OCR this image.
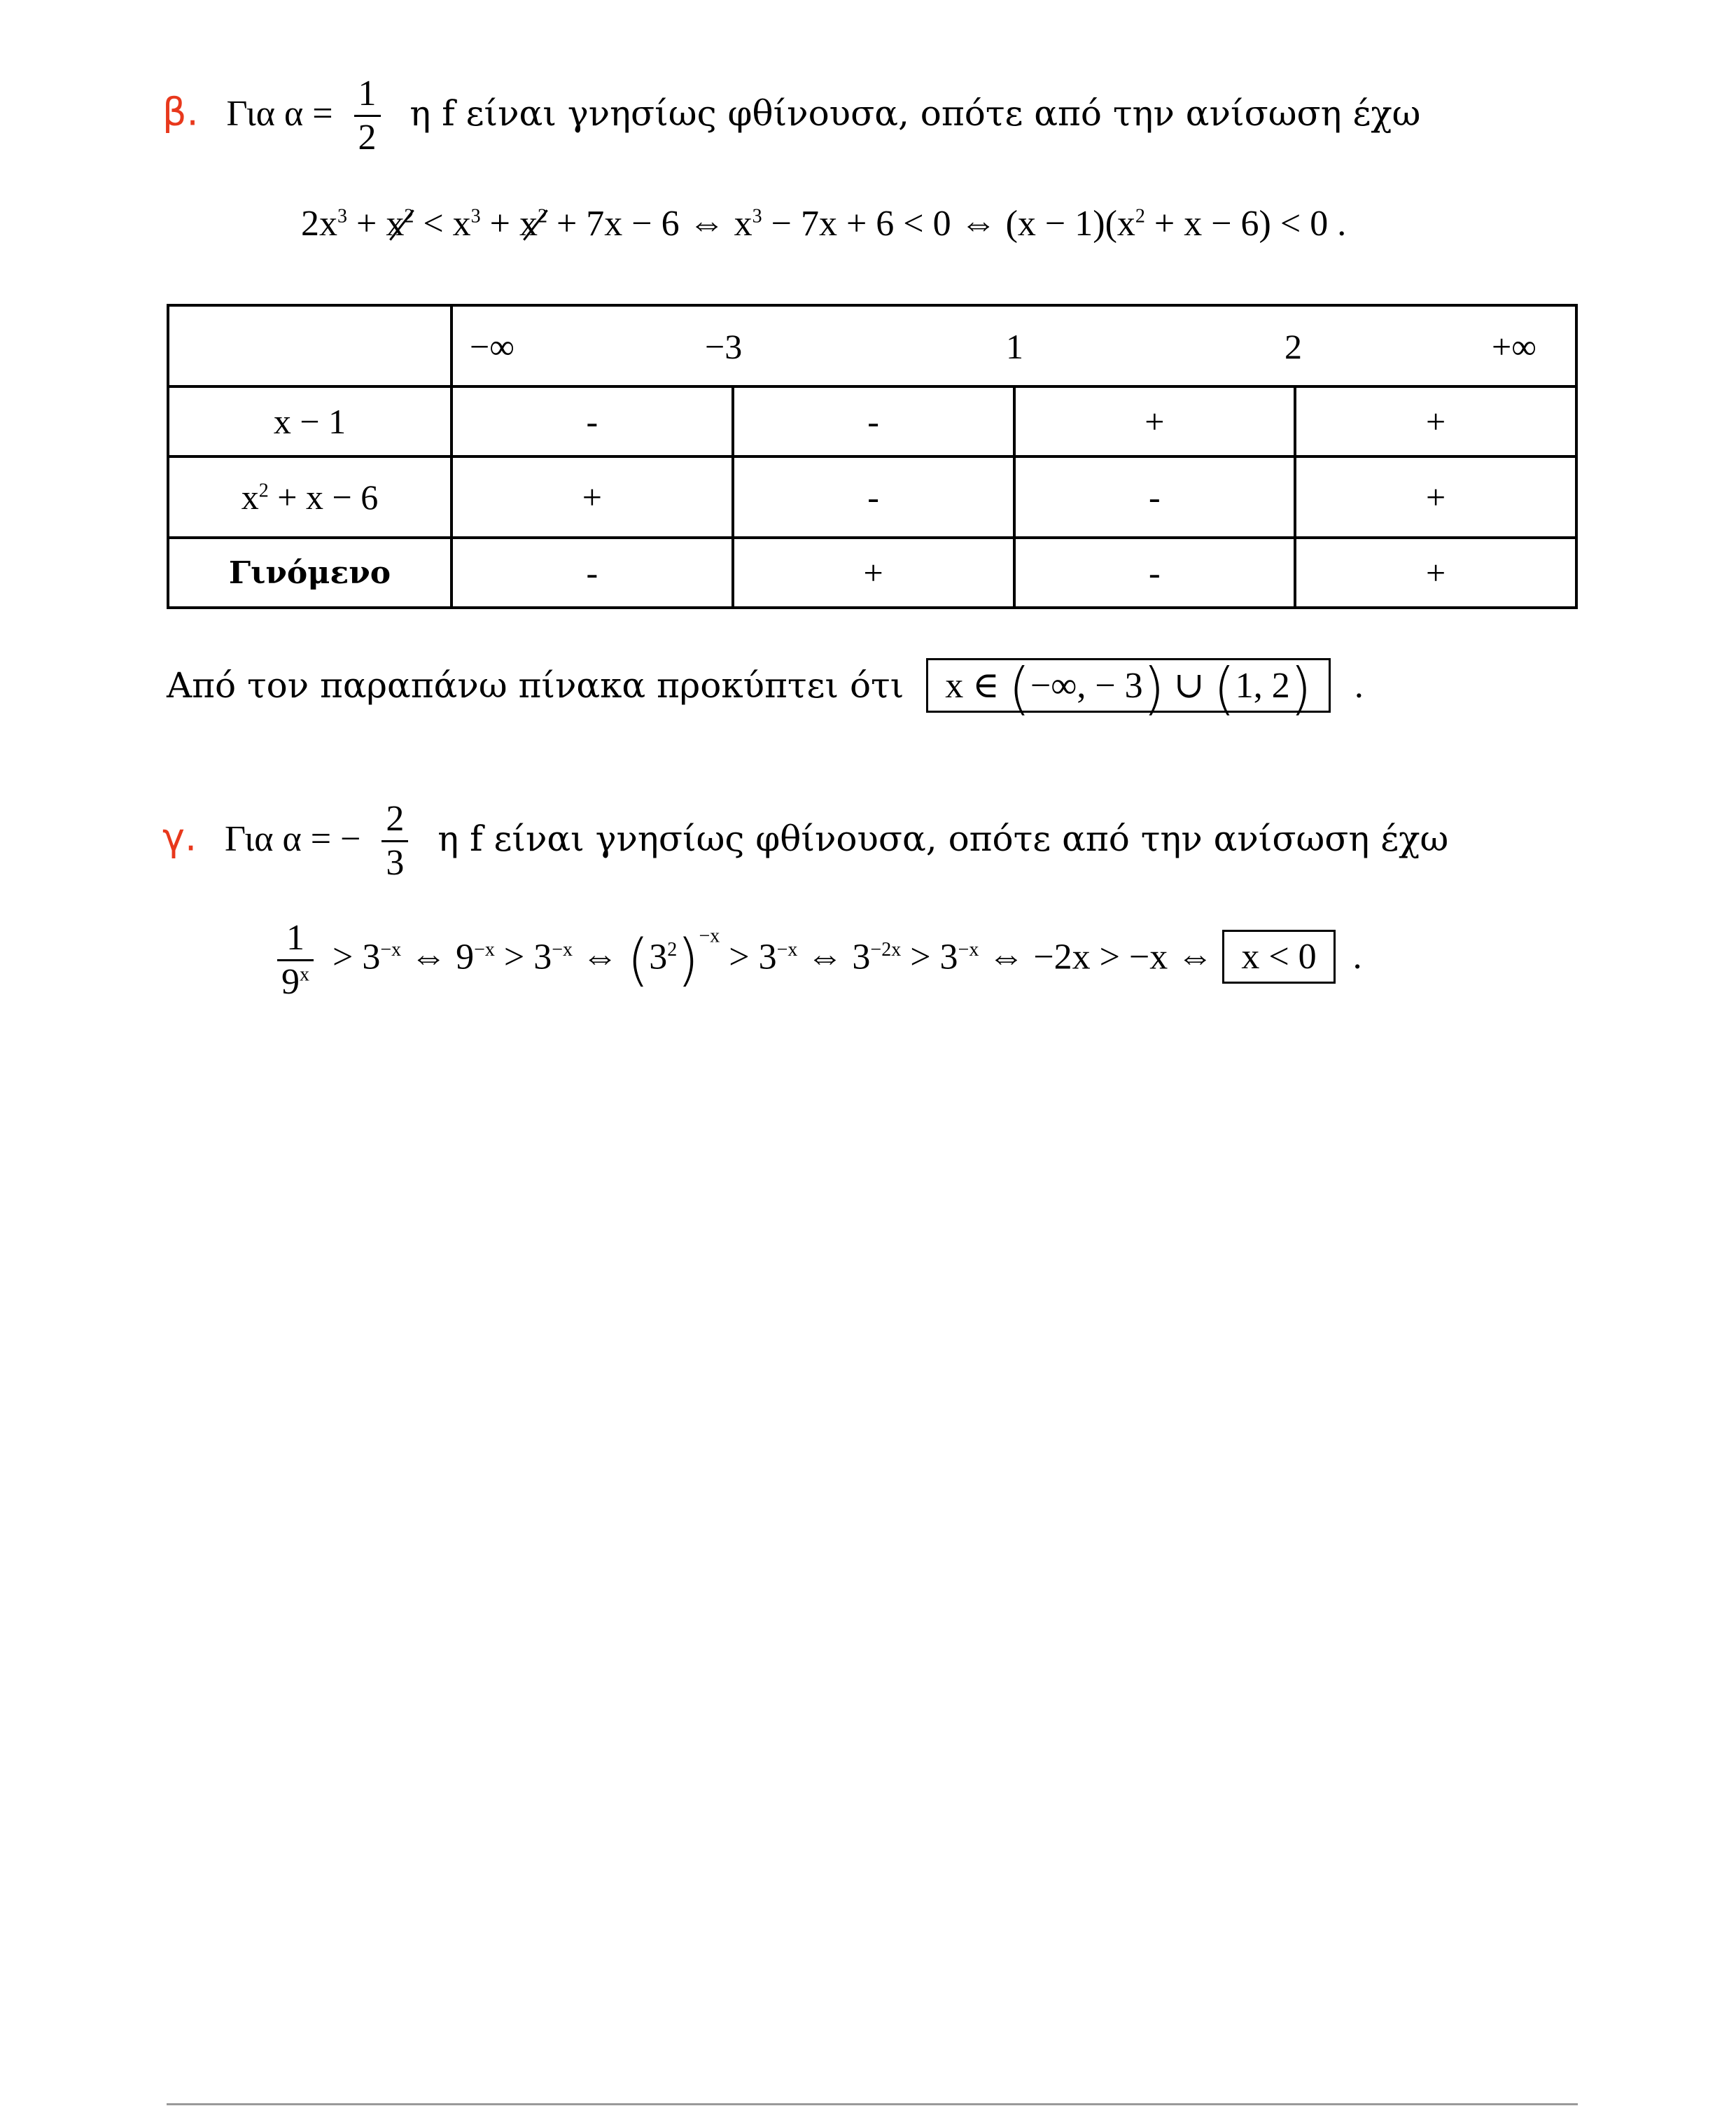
β. Για $\alpha = \frac{1}{2}$ η f είναι γνησίως φθίνουσα, οπότε από την ανίσωση έχω
$2x^3 + x^2 < x^3 + x^2 + 7x - 6$ ⇔ $x^3 - 7x + 6 < 0$ ⇔ $(x - 1)(x^2 + x - 6) < 0$ .

	−∞ −3 1 2 +∞			

x − 1	-	-	+	+
$x^2 + x - 6$	+	-	-	+
Γινόμενο	-	+	-	+
Από τον παραπάνω πίνακα προκύπτει ότι x ∈ (−∞, − 3) ∪ (1, 2) .
γ. Για α = − $\frac{2}{3}$ η f είναι γνησίως φθίνουσα, οπότε από την ανίσωση έχω
$\frac{1}{9^x} > 3^{-x}$ ⇔ $9^{-x} > 3^{-x}$ ⇔ $(3^2)^{-x} > 3^{-x}$ ⇔ $3^{-2x} > 3^{-x}$ ⇔ −2x > −x ⇔ x < 0 .
